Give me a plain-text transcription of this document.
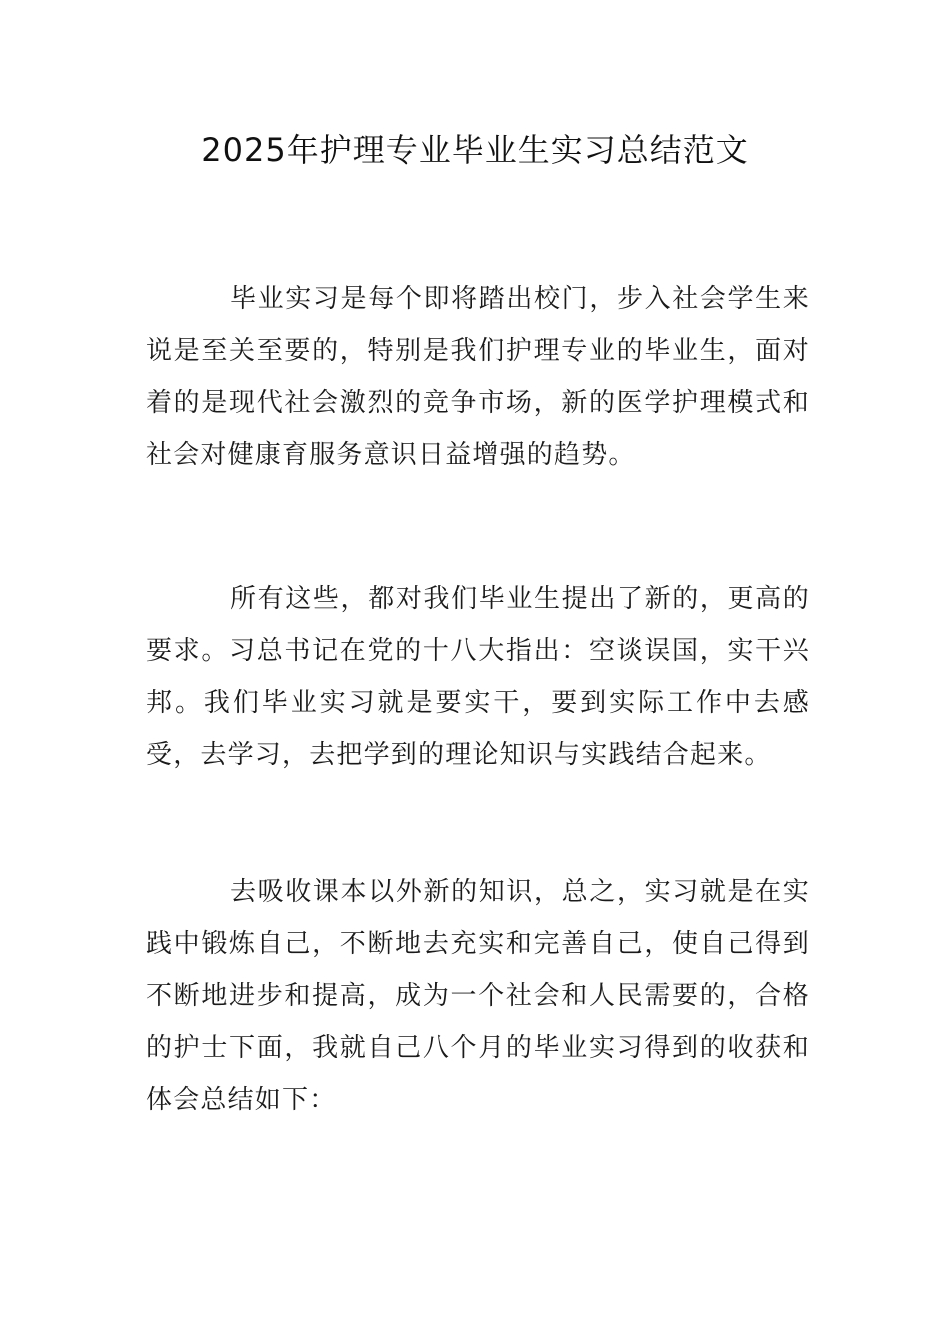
2025年护理专业毕业生实习总结范文

毕业实习是每个即将踏出校门，步入社会学生来说是至关至要的，特别是我们护理专业的毕业生，面对着的是现代社会激烈的竞争市场，新的医学护理模式和社会对健康育服务意识日益增强的趋势。

所有这些，都对我们毕业生提出了新的，更高的要求。习总书记在党的十八大指出：空谈误国，实干兴邦。我们毕业实习就是要实干，要到实际工作中去感受，去学习，去把学到的理论知识与实践结合起来。

去吸收课本以外新的知识，总之，实习就是在实践中锻炼自己，不断地去充实和完善自己，使自己得到不断地进步和提高，成为一个社会和人民需要的，合格的护士下面，我就自己八个月的毕业实习得到的收获和体会总结如下：
